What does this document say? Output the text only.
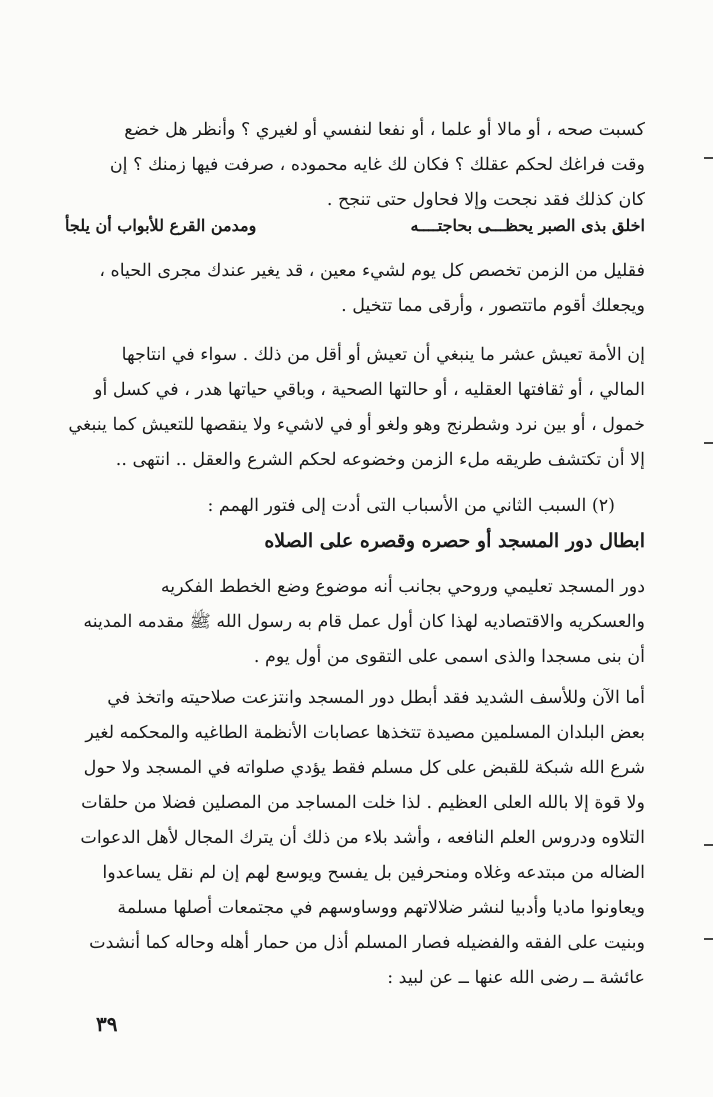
كسبت صحه ، أو مالا أو علما ، أو نفعا لنفسي أو لغيري ؟ وأنظر هل خضع
وقت فراغك لحكم عقلك ؟ فكان لك غايه محموده ، صرفت فيها زمنك ؟ إن
كان كذلك فقد نجحت وإلا فحاول حتى تنجح .
اخلق بذى الصبر يحظـــى بحاجتــــه
ومدمن القرع للأبواب أن يلجأ
فقليل من الزمن تخصص كل يوم لشيء معين ، قد يغير عندك مجرى الحياه ،
ويجعلك أقوم ماتتصور ، وأرقى مما تتخيل .
إن الأمة تعيش عشر ما ينبغي أن تعيش أو أقل من ذلك . سواء في انتاجها
المالي ، أو ثقافتها العقليه ، أو حالتها الصحية ، وباقي حياتها هدر ، في كسل أو
خمول ، أو بين نرد وشطرنج وهو ولغو أو في لاشيء ولا ينقصها للتعيش كما ينبغي
إلا أن تكتشف طريقه ملء الزمن وخضوعه لحكم الشرع والعقل .. انتهى ..
(٢) السبب الثاني من الأسباب التى أدت إلى فتور الهمم :
ابطال دور المسجد أو حصره وقصره على الصلاه
دور المسجد تعليمي وروحي بجانب أنه موضوع وضع الخطط الفكريه
والعسكريه والاقتصاديه لهذا كان أول عمل قام به رسول الله ﷺ مقدمه المدينه
أن بنى مسجدا والذى اسمى على التقوى من أول يوم .
أما الآن وللأسف الشديد فقد أبطل دور المسجد وانتزعت صلاحيته واتخذ في
بعض البلدان المسلمين مصيدة تتخذها عصابات الأنظمة الطاغيه والمحكمه لغير
شرع الله شبكة للقبض على كل مسلم فقط يؤدي صلواته في المسجد ولا حول
ولا قوة إلا بالله العلى العظيم . لذا خلت المساجد من المصلين فضلا من حلقات
التلاوه ودروس العلم النافعه ، وأشد بلاء من ذلك أن يترك المجال لأهل الدعوات
الضاله من مبتدعه وغلاه ومنحرفين بل يفسح ويوسع لهم إن لم نقل يساعدوا
ويعاونوا ماديا وأدبيا لنشر ضلالاتهم ووساوسهم في مجتمعات أصلها مسلمة
وبنيت على الفقه والفضيله فصار المسلم أذل من حمار أهله وحاله كما أنشدت
عائشة ــ رضى الله عنها ــ عن لبيد :
٣٩
